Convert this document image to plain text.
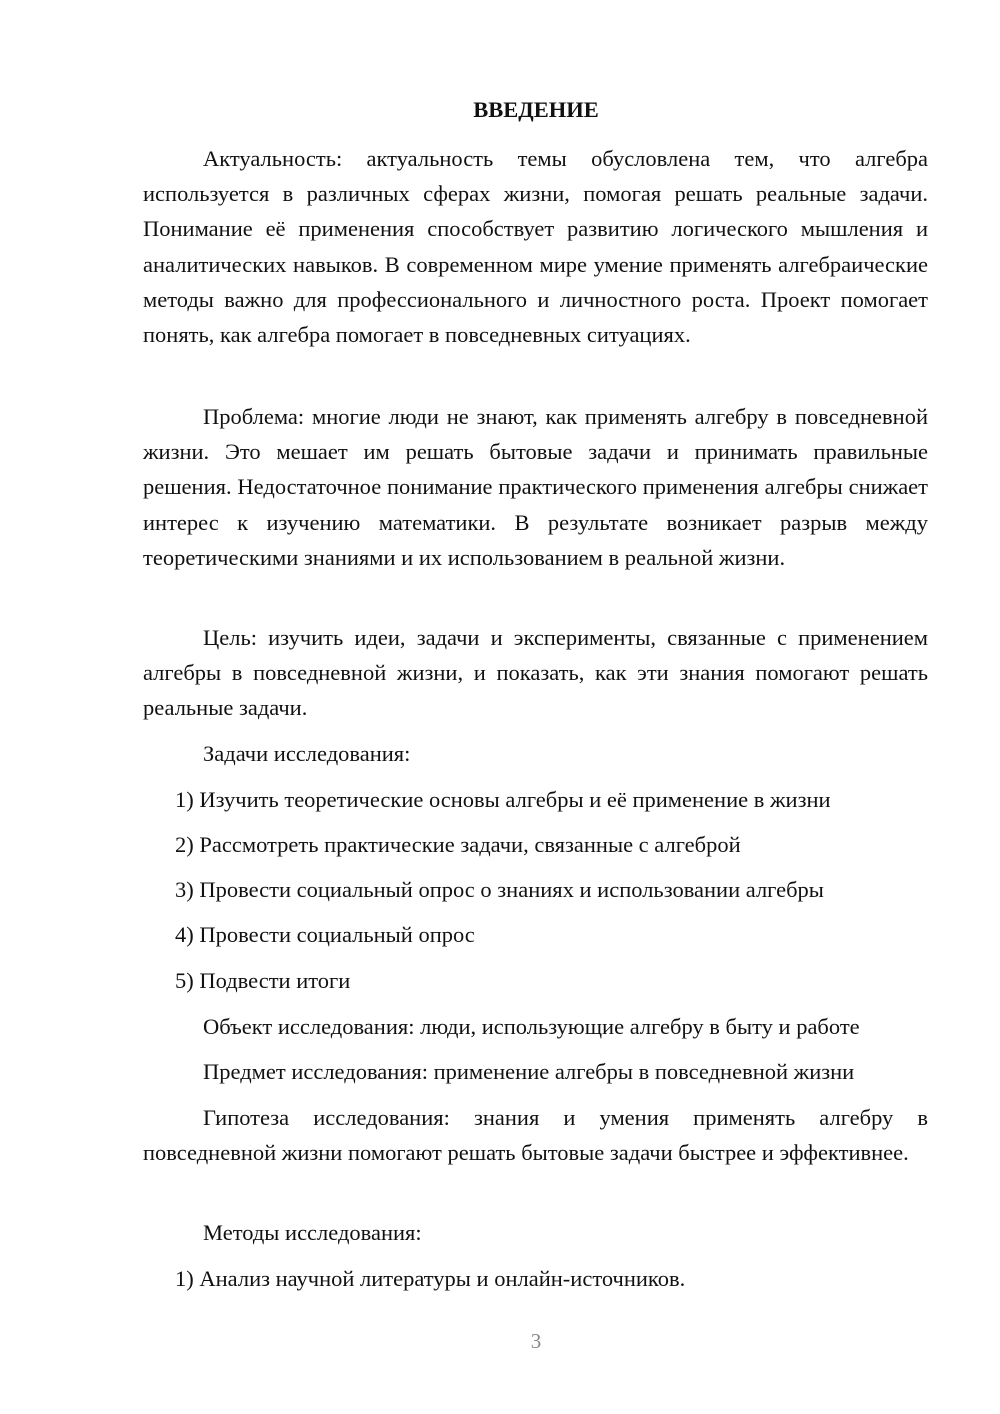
ВВЕДЕНИЕ

Актуальность: актуальность темы обусловлена тем, что алгебра используется в различных сферах жизни, помогая решать реальные задачи. Понимание её применения способствует развитию логического мышления и аналитических навыков. В современном мире умение применять алгебраические методы важно для профессионального и личностного роста. Проект помогает понять, как алгебра помогает в повседневных ситуациях.

Проблема: многие люди не знают, как применять алгебру в повседневной жизни. Это мешает им решать бытовые задачи и принимать правильные решения. Недостаточное понимание практического применения алгебры снижает интерес к изучению математики. В результате возникает разрыв между теоретическими знаниями и их использованием в реальной жизни.

Цель: изучить идеи, задачи и эксперименты, связанные с применением алгебры в повседневной жизни, и показать, как эти знания помогают решать реальные задачи.

Задачи исследования:

1) Изучить теоретические основы алгебры и её применение в жизни

2) Рассмотреть практические задачи, связанные с алгеброй

3) Провести социальный опрос о знаниях и использовании алгебры

4) Провести социальный опрос

5) Подвести итоги

Объект исследования: люди, использующие алгебру в быту и работе

Предмет исследования: применение алгебры в повседневной жизни

Гипотеза исследования: знания и умения применять алгебру в повседневной жизни помогают решать бытовые задачи быстрее и эффективнее.

Методы исследования:

1) Анализ научной литературы и онлайн-источников.

3
